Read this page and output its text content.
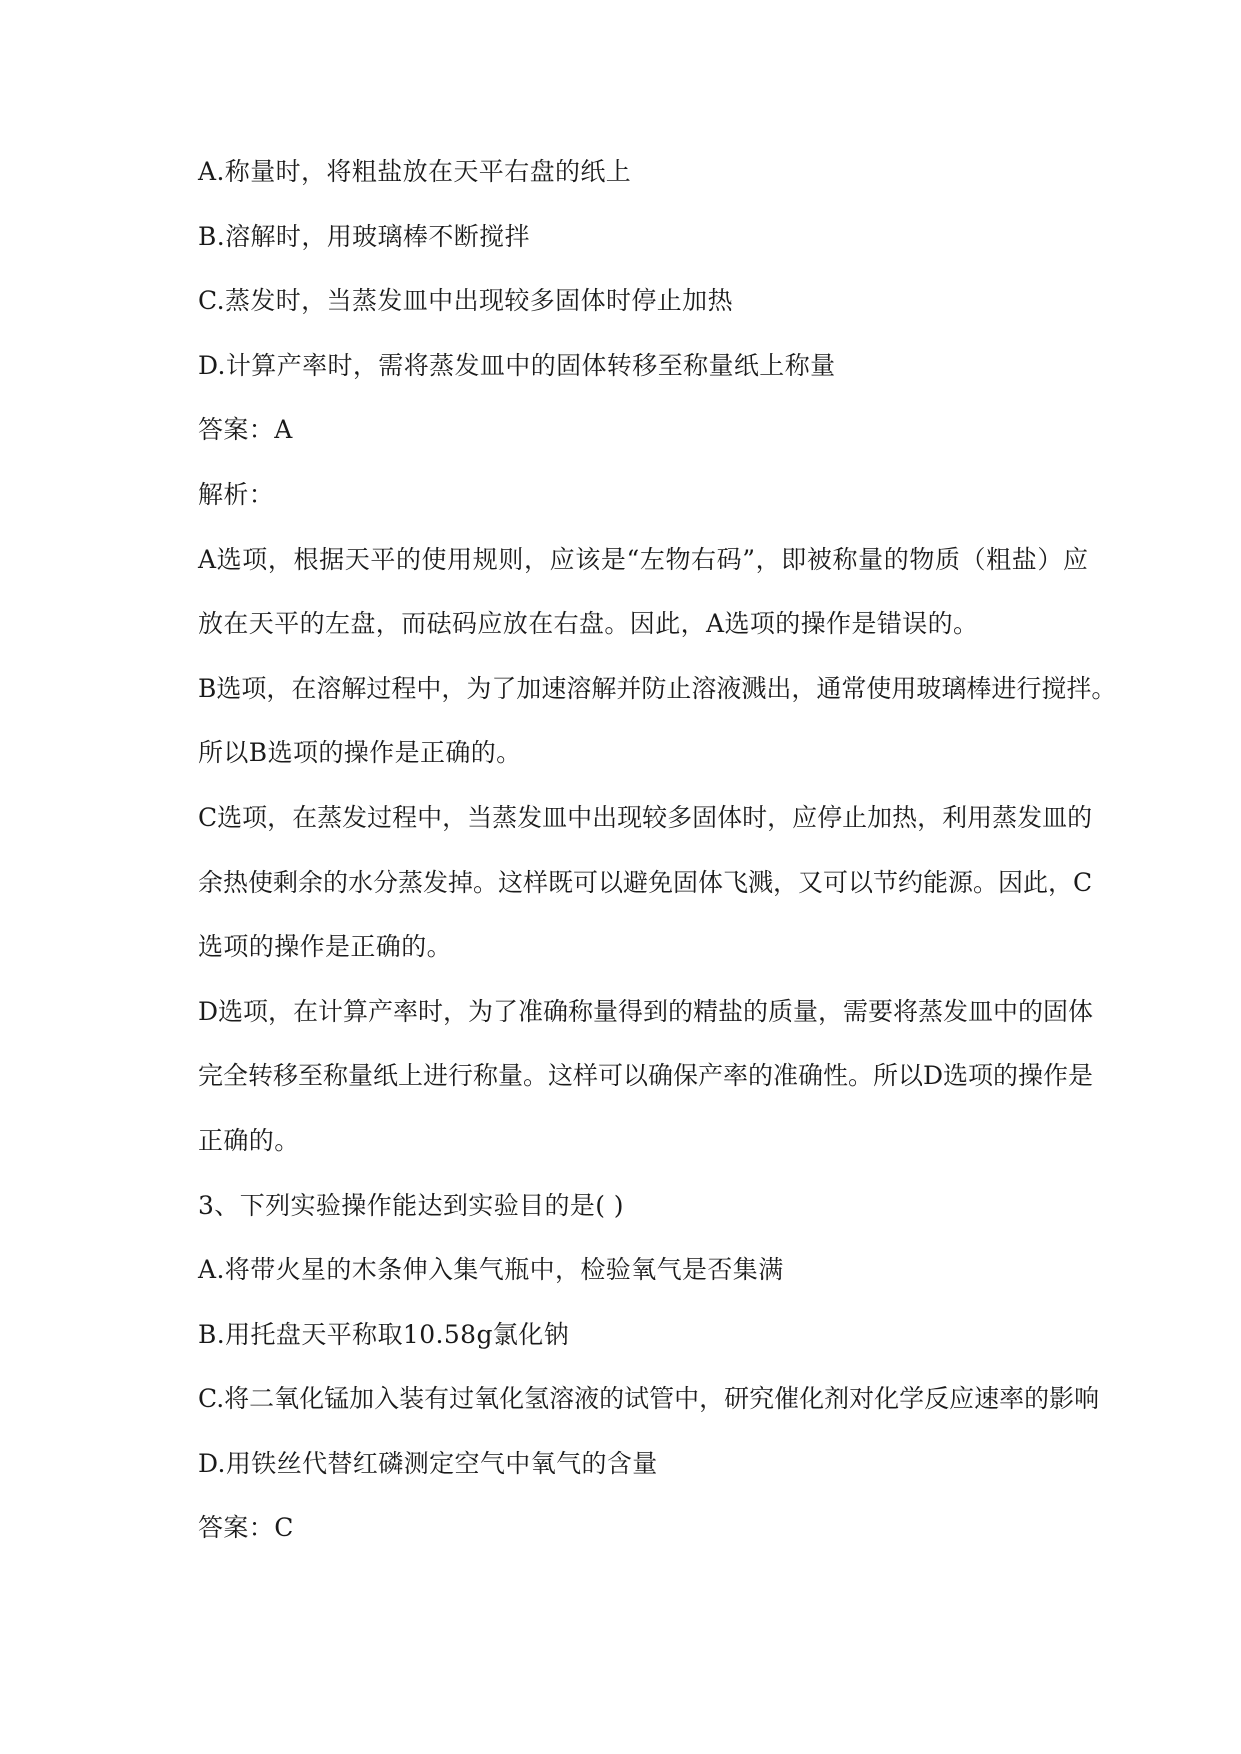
A.称量时，将粗盐放在天平右盘的纸上
B.溶解时，用玻璃棒不断搅拌
C.蒸发时，当蒸发皿中出现较多固体时停止加热
D.计算产率时，需将蒸发皿中的固体转移至称量纸上称量
答案：A
解析：
A选项，根据天平的使用规则，应该是“左物右码”，即被称量的物质（粗盐）应
放在天平的左盘，而砝码应放在右盘。因此，A选项的操作是错误的。
B选项，在溶解过程中，为了加速溶解并防止溶液溅出，通常使用玻璃棒进行搅拌。
所以B选项的操作是正确的。
C选项，在蒸发过程中，当蒸发皿中出现较多固体时，应停止加热，利用蒸发皿的
余热使剩余的水分蒸发掉。这样既可以避免固体飞溅，又可以节约能源。因此，C
选项的操作是正确的。
D选项，在计算产率时，为了准确称量得到的精盐的质量，需要将蒸发皿中的固体
完全转移至称量纸上进行称量。这样可以确保产率的准确性。所以D选项的操作是
正确的。
3、下列实验操作能达到实验目的是( )
A.将带火星的木条伸入集气瓶中，检验氧气是否集满
B.用托盘天平称取10.58g氯化钠
C.将二氧化锰加入装有过氧化氢溶液的试管中，研究催化剂对化学反应速率的影响
D.用铁丝代替红磷测定空气中氧气的含量
答案：C
